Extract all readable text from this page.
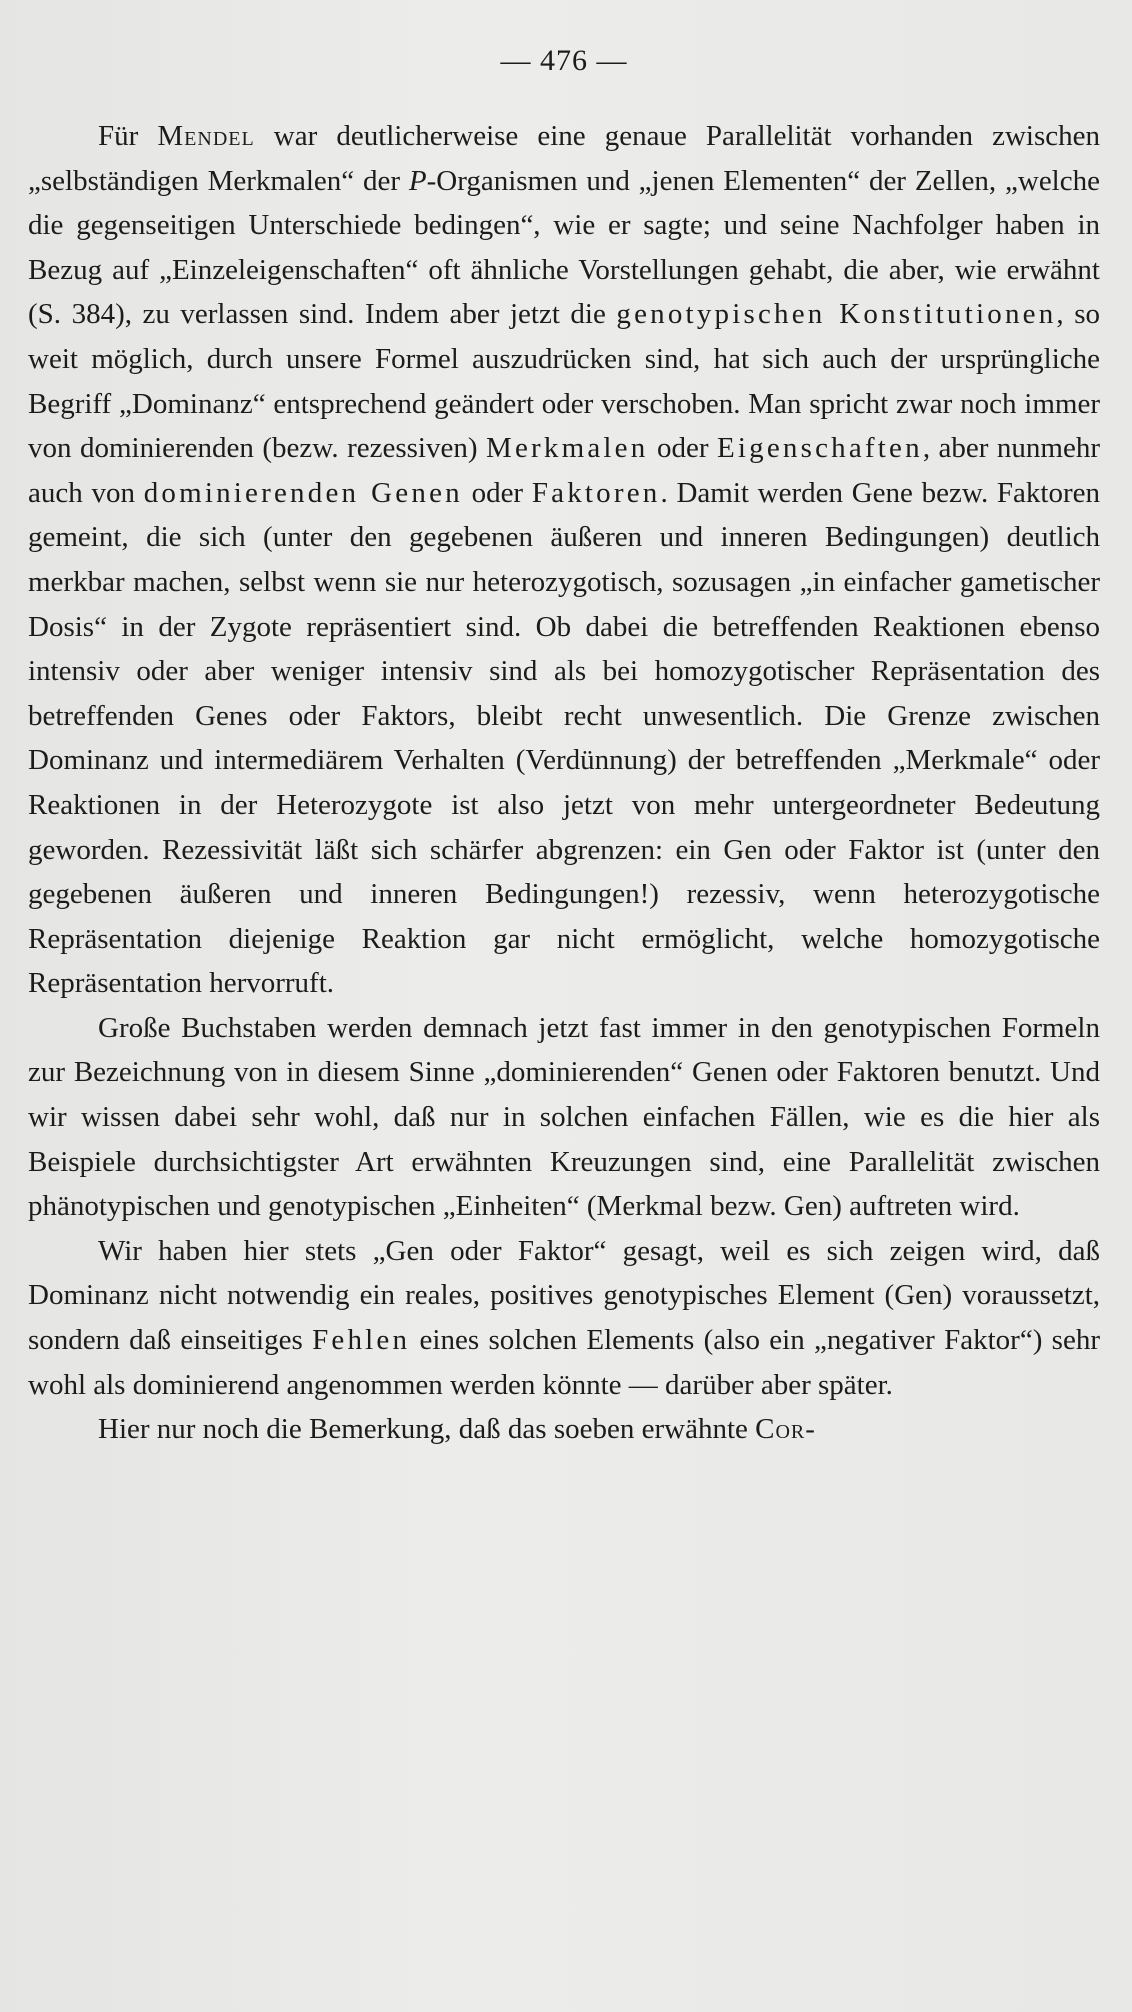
— 476 —

Für Mendel war deutlicherweise eine genaue Parallelität vorhanden zwischen „selbständigen Merkmalen“ der P-Organismen und „jenen Elementen“ der Zellen, „welche die gegenseitigen Unterschiede bedingen“, wie er sagte; und seine Nachfolger haben in Bezug auf „Einzeleigenschaften“ oft ähnliche Vorstellungen gehabt, die aber, wie erwähnt (S. 384), zu verlassen sind. Indem aber jetzt die genotypischen Konstitutionen, so weit möglich, durch unsere Formel auszudrücken sind, hat sich auch der ursprüngliche Begriff „Dominanz“ entsprechend geändert oder verschoben. Man spricht zwar noch immer von dominierenden (bezw. rezessiven) Merkmalen oder Eigenschaften, aber nunmehr auch von dominierenden Genen oder Faktoren. Damit werden Gene bezw. Faktoren gemeint, die sich (unter den gegebenen äußeren und inneren Bedingungen) deutlich merkbar machen, selbst wenn sie nur heterozygotisch, sozusagen „in einfacher gametischer Dosis“ in der Zygote repräsentiert sind. Ob dabei die betreffenden Reaktionen ebenso intensiv oder aber weniger intensiv sind als bei homozygotischer Repräsentation des betreffenden Genes oder Faktors, bleibt recht unwesentlich. Die Grenze zwischen Dominanz und intermediärem Verhalten (Verdünnung) der betreffenden „Merkmale“ oder Reaktionen in der Heterozygote ist also jetzt von mehr untergeordneter Bedeutung geworden. Rezessivität läßt sich schärfer abgrenzen: ein Gen oder Faktor ist (unter den gegebenen äußeren und inneren Bedingungen!) rezessiv, wenn heterozygotische Repräsentation diejenige Reaktion gar nicht ermöglicht, welche homozygotische Repräsentation hervorruft.

Große Buchstaben werden demnach jetzt fast immer in den genotypischen Formeln zur Bezeichnung von in diesem Sinne „dominierenden“ Genen oder Faktoren benutzt. Und wir wissen dabei sehr wohl, daß nur in solchen einfachen Fällen, wie es die hier als Beispiele durchsichtigster Art erwähnten Kreuzungen sind, eine Parallelität zwischen phänotypischen und genotypischen „Einheiten“ (Merkmal bezw. Gen) auftreten wird.

Wir haben hier stets „Gen oder Faktor“ gesagt, weil es sich zeigen wird, daß Dominanz nicht notwendig ein reales, positives genotypisches Element (Gen) voraussetzt, sondern daß einseitiges Fehlen eines solchen Elements (also ein „negativer Faktor“) sehr wohl als dominierend angenommen werden könnte — darüber aber später.

Hier nur noch die Bemerkung, daß das soeben erwähnte Cor-
